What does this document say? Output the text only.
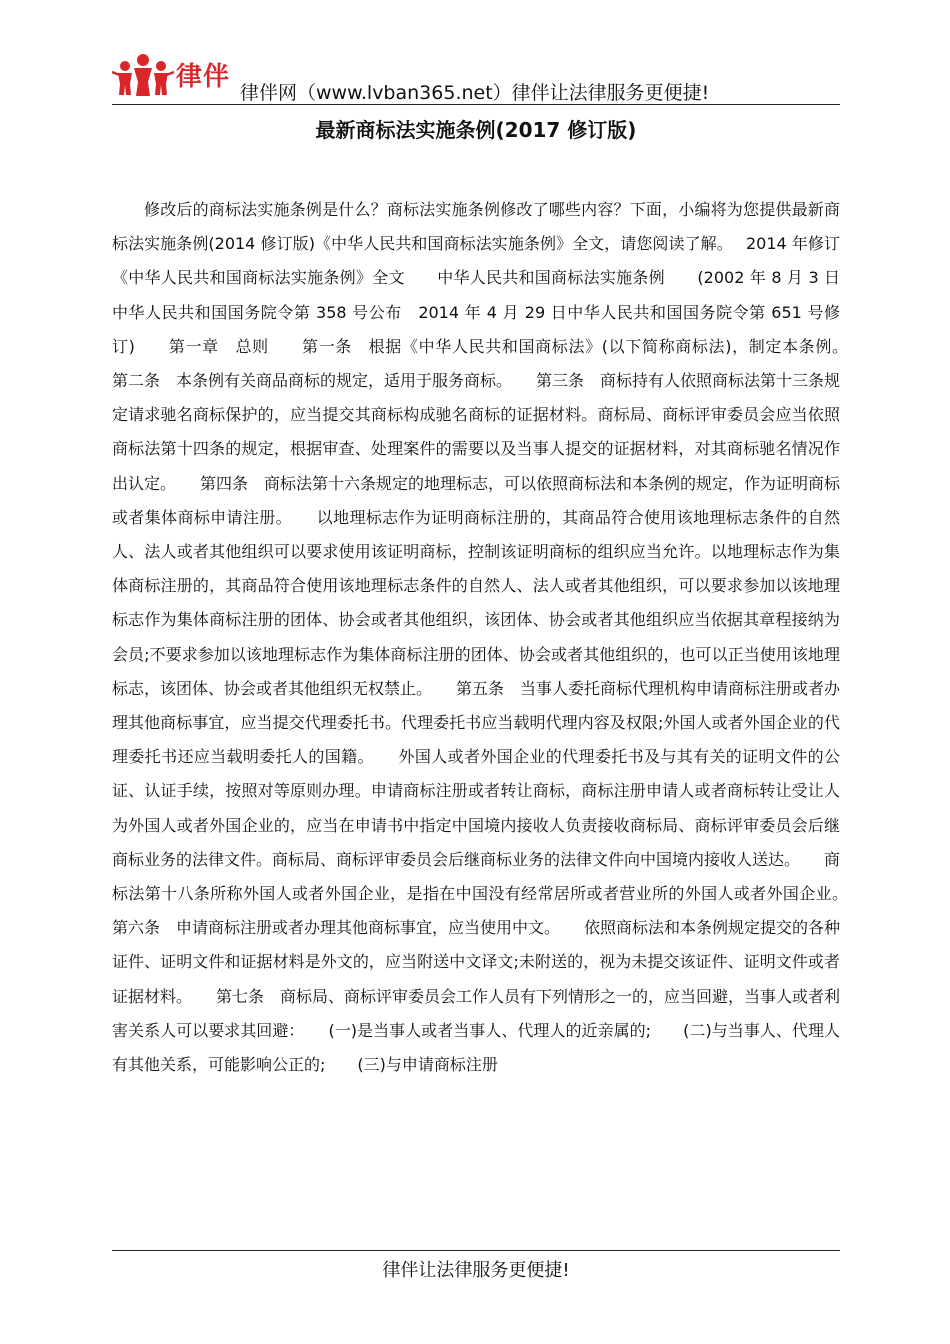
律伴
律伴网（www.lvban365.net）律伴让法律服务更便捷!
最新商标法实施条例(2017 修订版)

修改后的商标法实施条例是什么？商标法实施条例修改了哪些内容？下面，小编将为您提供最新商标法实施条例(2014 修订版)《中华人民共和国商标法实施条例》全文，请您阅读了解。　 2014 年修订《中华人民共和国商标法实施条例》全文　　中华人民共和国商标法实施条例　　(2002 年 8 月 3 日中华人民共和国国务院令第 358 号公布　2014 年 4 月 29 日中华人民共和国国务院令第 651 号修订)　　第一章　总则　　第一条　根据《中华人民共和国商标法》(以下简称商标法)，制定本条例。　　第二条　本条例有关商品商标的规定，适用于服务商标。　　第三条　商标持有人依照商标法第十三条规定请求驰名商标保护的，应当提交其商标构成驰名商标的证据材料。商标局、商标评审委员会应当依照商标法第十四条的规定，根据审查、处理案件的需要以及当事人提交的证据材料，对其商标驰名情况作出认定。　　第四条　商标法第十六条规定的地理标志，可以依照商标法和本条例的规定，作为证明商标或者集体商标申请注册。　　以地理标志作为证明商标注册的，其商品符合使用该地理标志条件的自然人、法人或者其他组织可以要求使用该证明商标，控制该证明商标的组织应当允许。以地理标志作为集体商标注册的，其商品符合使用该地理标志条件的自然人、法人或者其他组织，可以要求参加以该地理标志作为集体商标注册的团体、协会或者其他组织，该团体、协会或者其他组织应当依据其章程接纳为会员;不要求参加以该地理标志作为集体商标注册的团体、协会或者其他组织的，也可以正当使用该地理标志，该团体、协会或者其他组织无权禁止。　　第五条　当事人委托商标代理机构申请商标注册或者办理其他商标事宜，应当提交代理委托书。代理委托书应当载明代理内容及权限;外国人或者外国企业的代理委托书还应当载明委托人的国籍。　　外国人或者外国企业的代理委托书及与其有关的证明文件的公证、认证手续，按照对等原则办理。申请商标注册或者转让商标，商标注册申请人或者商标转让受让人为外国人或者外国企业的，应当在申请书中指定中国境内接收人负责接收商标局、商标评审委员会后继商标业务的法律文件。商标局、商标评审委员会后继商标业务的法律文件向中国境内接收人送达。　　商标法第十八条所称外国人或者外国企业，是指在中国没有经常居所或者营业所的外国人或者外国企业。　　第六条　申请商标注册或者办理其他商标事宜，应当使用中文。　　依照商标法和本条例规定提交的各种证件、证明文件和证据材料是外文的，应当附送中文译文;未附送的，视为未提交该证件、证明文件或者证据材料。　　第七条　商标局、商标评审委员会工作人员有下列情形之一的，应当回避，当事人或者利害关系人可以要求其回避：　　(一)是当事人或者当事人、代理人的近亲属的;　　(二)与当事人、代理人有其他关系，可能影响公正的;　　(三)与申请商标注册

律伴让法律服务更便捷!
